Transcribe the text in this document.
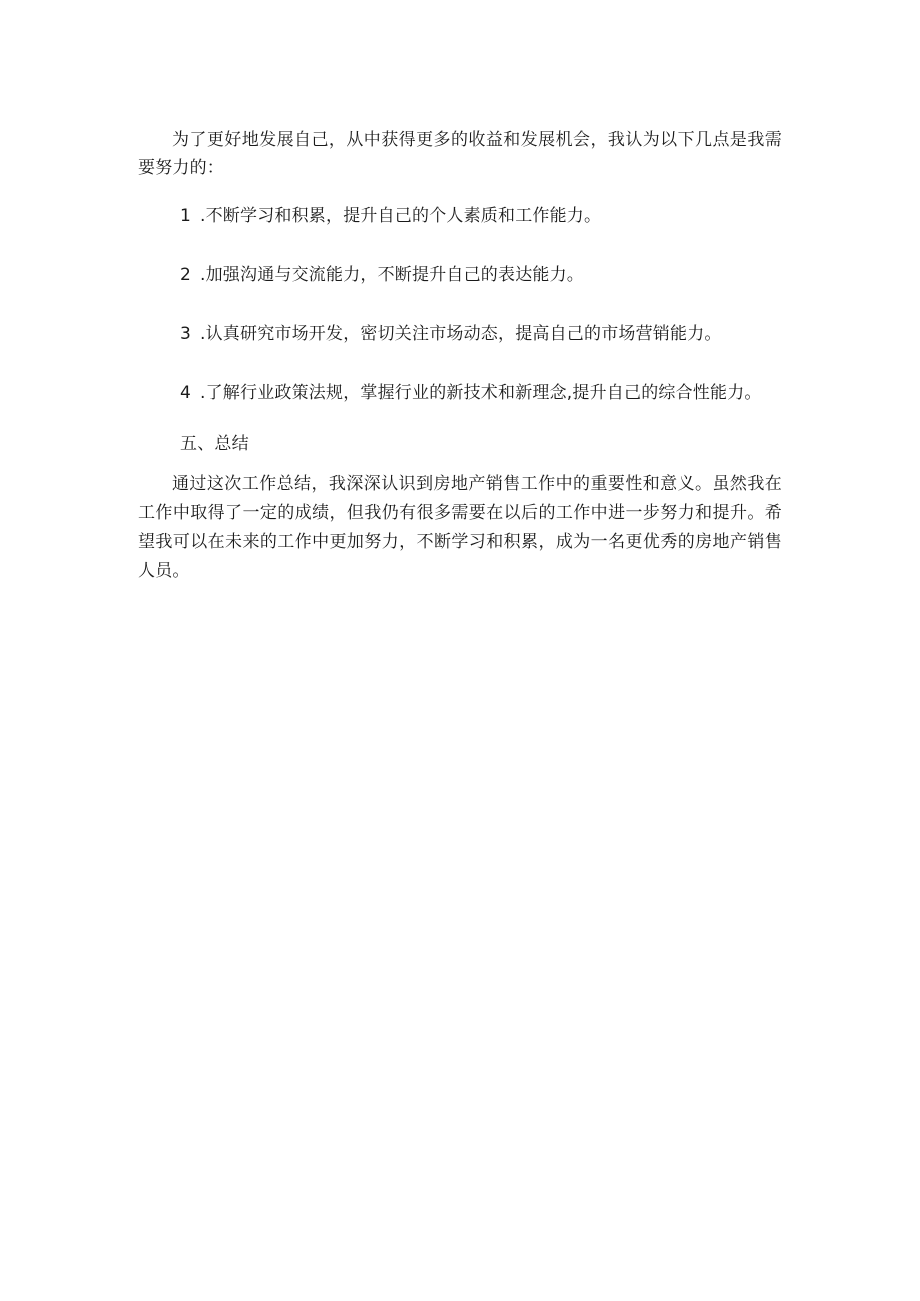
为了更好地发展自己，从中获得更多的收益和发展机会，我认为以下几点是我需要努力的：

1 .不断学习和积累，提升自己的个人素质和工作能力。
2 .加强沟通与交流能力，不断提升自己的表达能力。
3 .认真研究市场开发，密切关注市场动态，提高自己的市场营销能力。
4 .了解行业政策法规，掌握行业的新技术和新理念,提升自己的综合性能力。
五、总结

通过这次工作总结，我深深认识到房地产销售工作中的重要性和意义。虽然我在工作中取得了一定的成绩，但我仍有很多需要在以后的工作中进一步努力和提升。希望我可以在未来的工作中更加努力，不断学习和积累，成为一名更优秀的房地产销售人员。
